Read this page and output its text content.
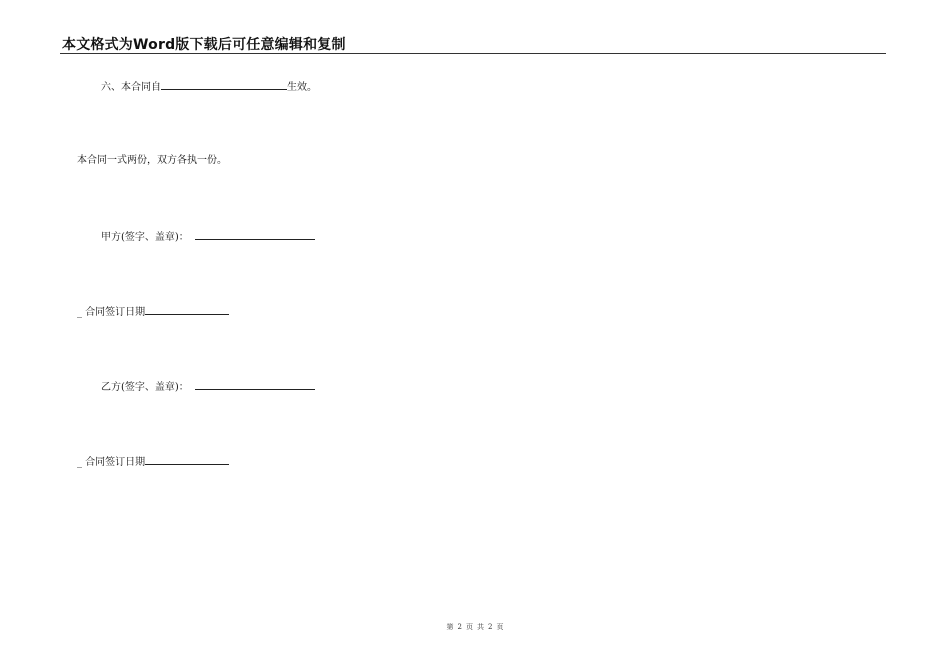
本文格式为Word版下载后可任意编辑和复制
六、本合同自	生效。
本合同一式两份，双方各执一份。
甲方(签字、盖章)：
_ 合同签订日期
乙方(签字、盖章)：
_ 合同签订日期
第 2 页 共 2 页
